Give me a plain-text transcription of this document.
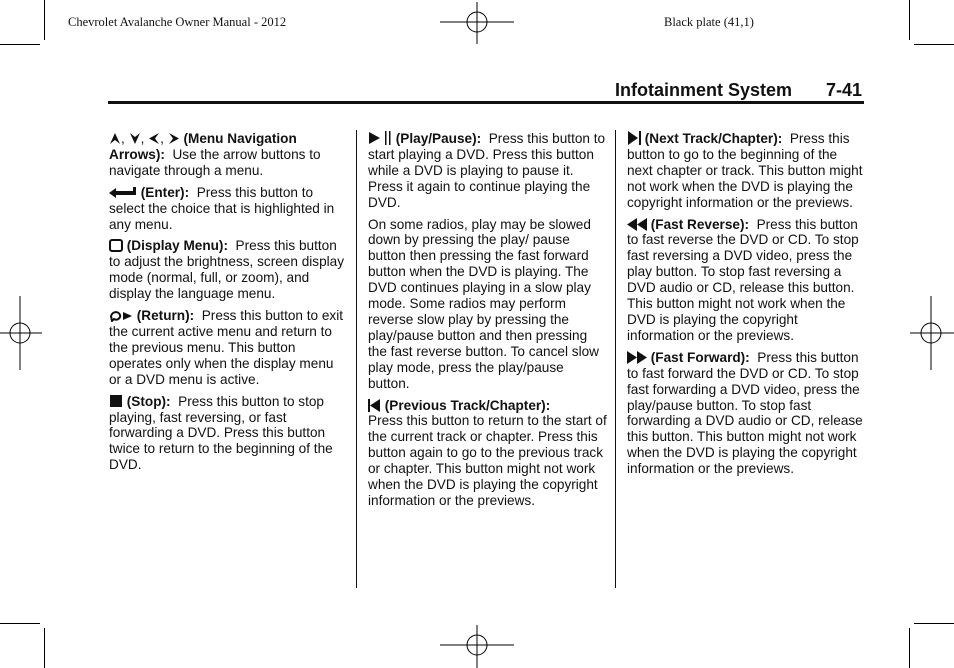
Chevrolet Avalanche Owner Manual - 2012	Black plate (41,1)
Infotainment System 7-41

, , ,  (Menu Navigation Arrows): Use the arrow buttons to navigate through a menu.

(Enter): Press this button to select the choice that is highlighted in any menu.

(Display Menu): Press this button to adjust the brightness, screen display mode (normal, full, or zoom), and display the language menu.

(Return): Press this button to exit the current active menu and return to the previous menu. This button operates only when the display menu or a DVD menu is active.

(Stop): Press this button to stop playing, fast reversing, or fast forwarding a DVD. Press this button twice to return to the beginning of the DVD.

(Play/Pause): Press this button to start playing a DVD. Press this button while a DVD is playing to pause it. Press it again to continue playing the DVD.

On some radios, play may be slowed down by pressing the play/ pause button then pressing the fast forward button when the DVD is playing. The DVD continues playing in a slow play mode. Some radios may perform reverse slow play by pressing the play/pause button and then pressing the fast reverse button. To cancel slow play mode, press the play/pause button.

(Previous Track/Chapter):
Press this button to return to the start of the current track or chapter. Press this button again to go to the previous track or chapter. This button might not work when the DVD is playing the copyright information or the previews.

(Next Track/Chapter): Press this button to go to the beginning of the next chapter or track. This button might not work when the DVD is playing the copyright information or the previews.

(Fast Reverse): Press this button to fast reverse the DVD or CD. To stop fast reversing a DVD video, press the play button. To stop fast reversing a DVD audio or CD, release this button. This button might not work when the DVD is playing the copyright information or the previews.

(Fast Forward): Press this button to fast forward the DVD or CD. To stop fast forwarding a DVD video, press the play/pause button. To stop fast forwarding a DVD audio or CD, release this button. This button might not work when the DVD is playing the copyright information or the previews.
